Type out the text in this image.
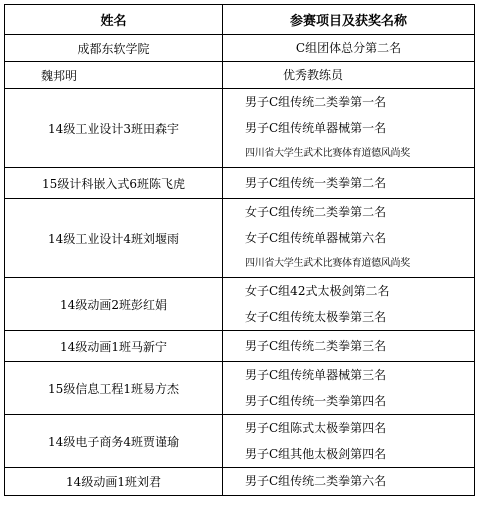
姓名	参赛项目及获奖名称
成都东软学院	C组团体总分第二名

魏邦明	优秀教练员

14级工业设计3班田森宇	男子C组传统二类拳第一名
男子C组传统单器械第一名
四川省大学生武术比赛体育道德风尚奖

15级计科嵌入式6班陈飞虎	男子C组传统一类拳第二名

14级工业设计4班刘堰雨	女子C组传统二类拳第二名
女子C组传统单器械第六名
四川省大学生武术比赛体育道德风尚奖

14级动画2班彭红娟	女子C组42式太极剑第二名
女子C组传统太极拳第三名

14级动画1班马新宁	男子C组传统二类拳第三名

15级信息工程1班易方杰	男子C组传统单器械第三名
男子C组传统一类拳第四名

14级电子商务4班贾谨瑜	男子C组陈式太极拳第四名
男子C组其他太极剑第四名

14级动画1班刘君	男子C组传统二类拳第六名
